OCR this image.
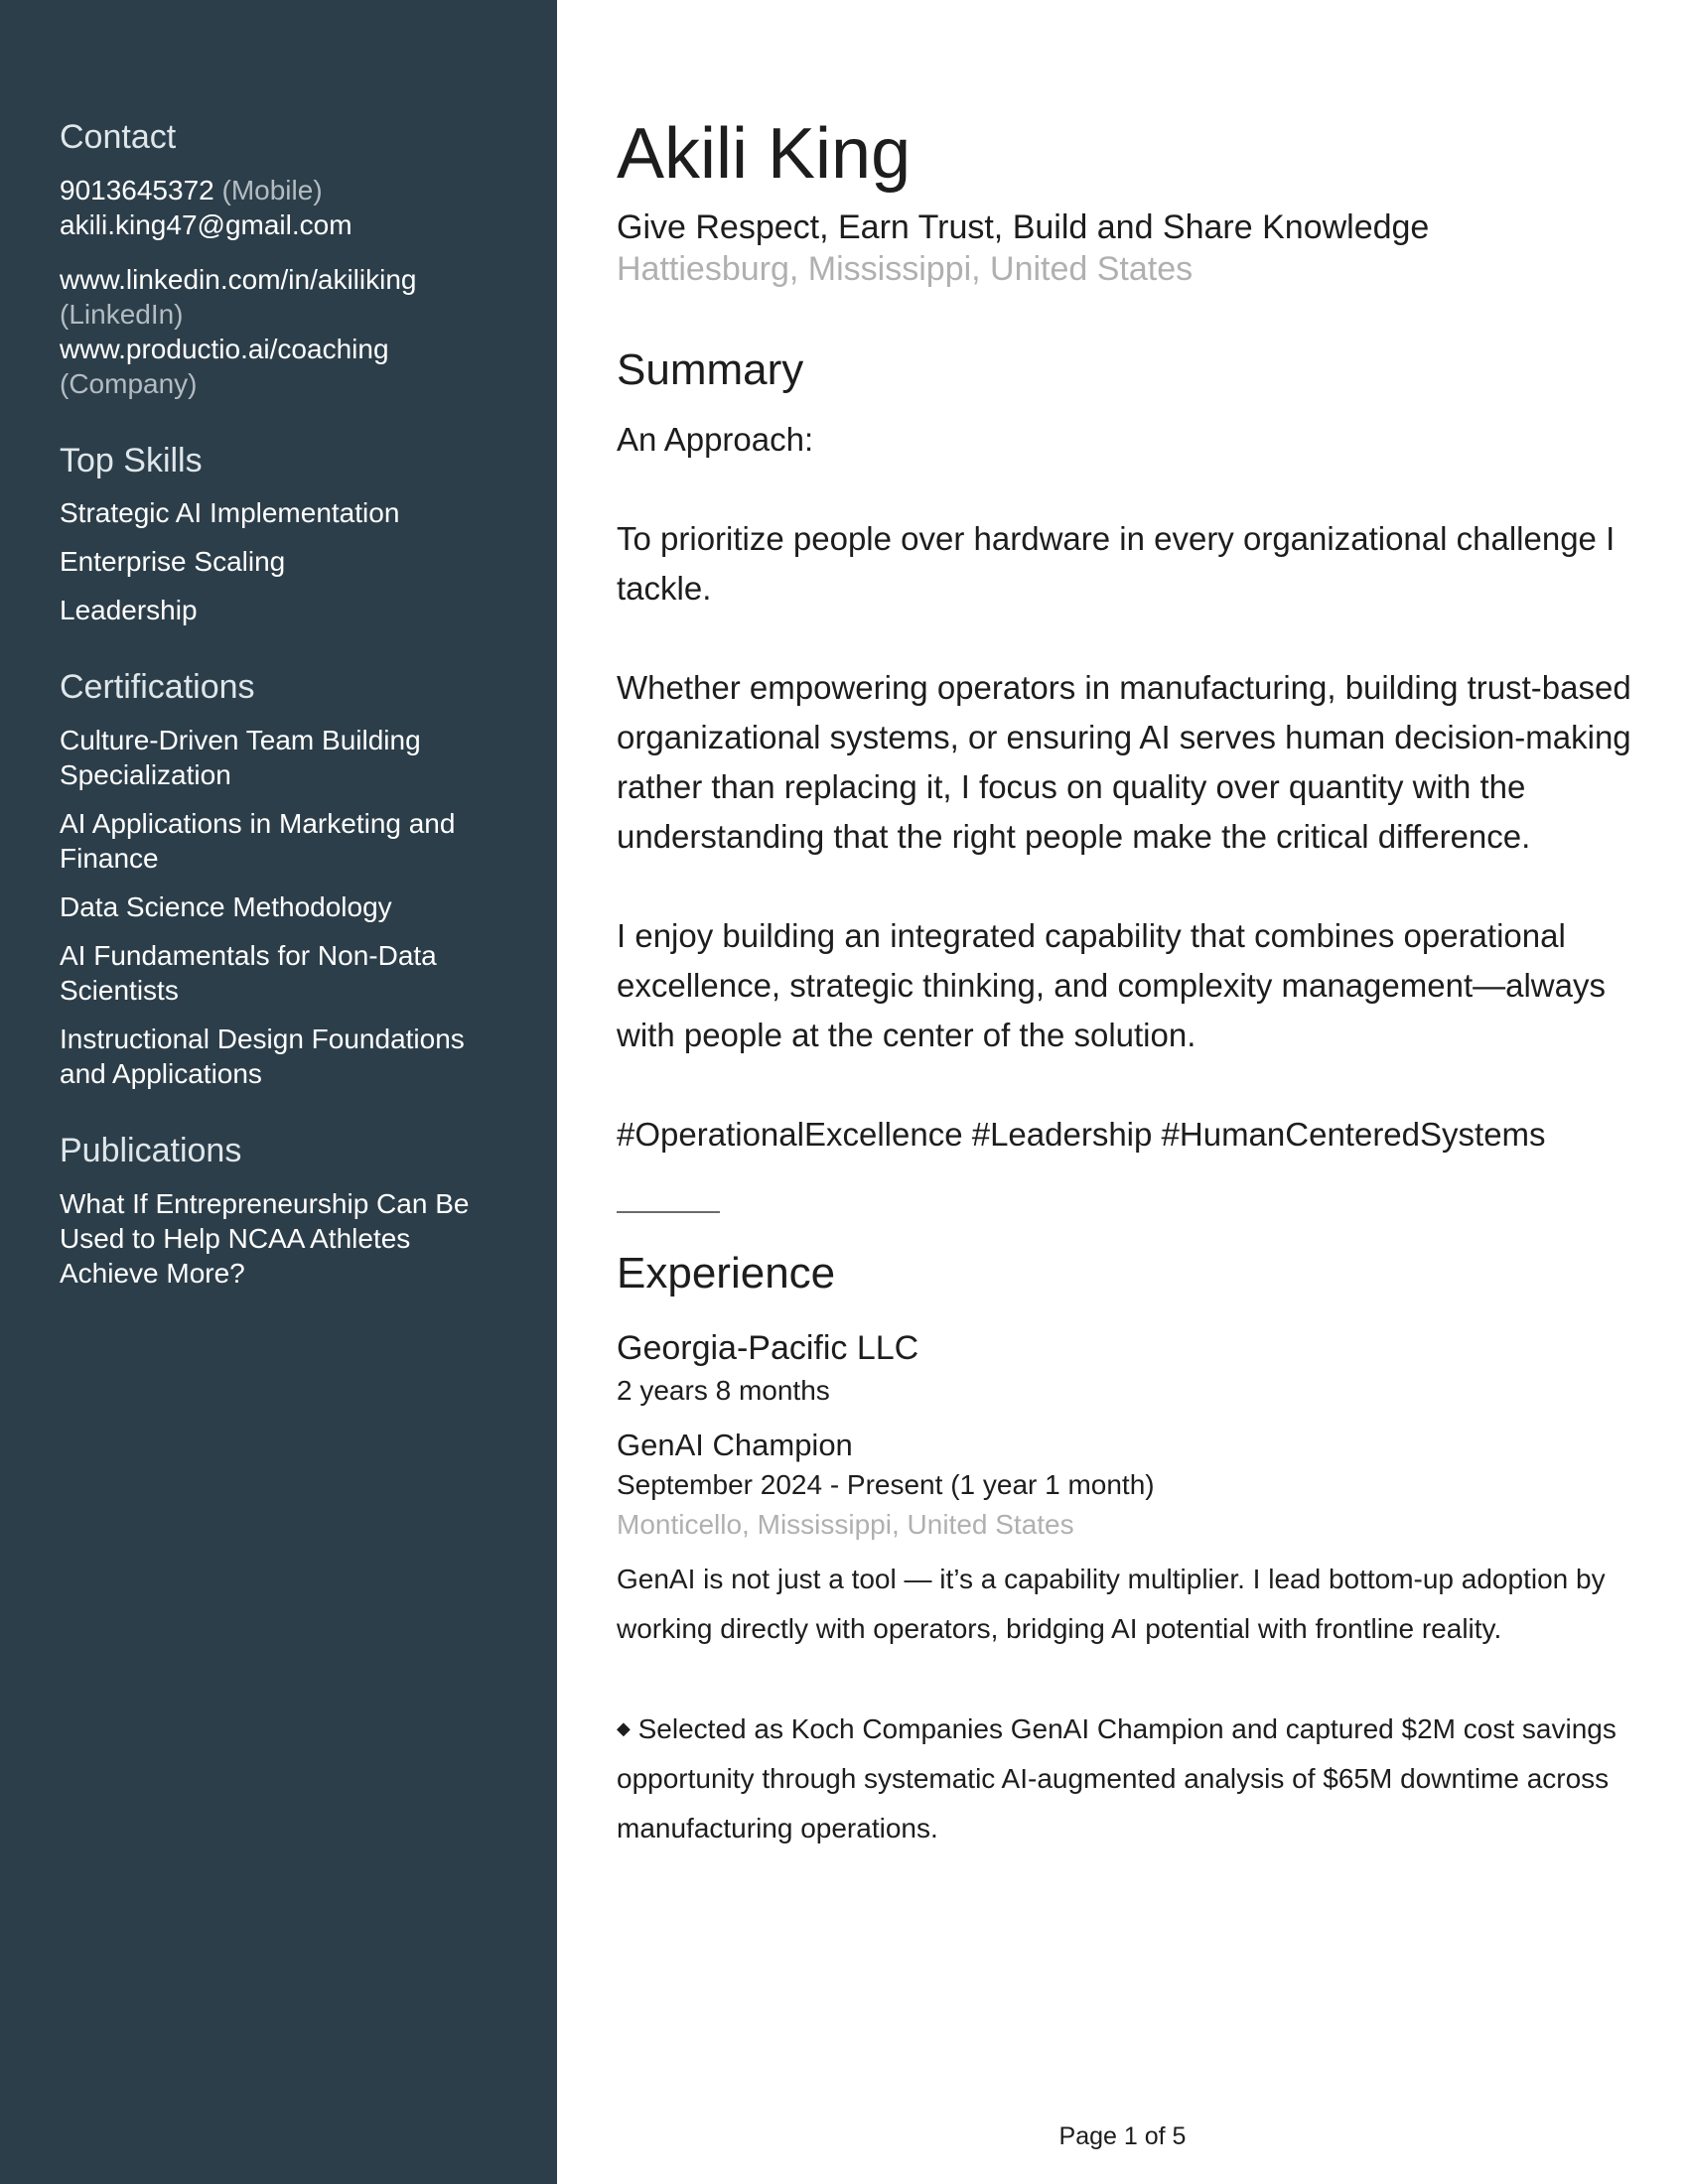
Contact
9013645372 (Mobile)
akili.king47@gmail.com
www.linkedin.com/in/akiliking
(LinkedIn)
www.productio.ai/coaching
(Company)
Top Skills
Strategic AI Implementation
Enterprise Scaling
Leadership
Certifications
Culture-Driven Team Building Specialization
AI Applications in Marketing and Finance
Data Science Methodology
AI Fundamentals for Non-Data Scientists
Instructional Design Foundations and Applications
Publications
What If Entrepreneurship Can Be Used to Help NCAA Athletes Achieve More?
Akili King
Give Respect, Earn Trust, Build and Share Knowledge
Hattiesburg, Mississippi, United States
Summary

An Approach:

To prioritize people over hardware in every organizational challenge I tackle.

Whether empowering operators in manufacturing, building trust-based organizational systems, or ensuring AI serves human decision-making rather than replacing it, I focus on quality over quantity with the understanding that the right people make the critical difference.

I enjoy building an integrated capability that combines operational excellence, strategic thinking, and complexity management—always with people at the center of the solution.

#OperationalExcellence #Leadership #HumanCenteredSystems

Experience
Georgia-Pacific LLC
2 years 8 months
GenAI Champion
September 2024 - Present (1 year 1 month)
Monticello, Mississippi, United States
GenAI is not just a tool — it’s a capability multiplier. I lead bottom-up adoption by working directly with operators, bridging AI potential with frontline reality.
◆ Selected as Koch Companies GenAI Champion and captured $2M cost savings opportunity through systematic AI-augmented analysis of $65M downtime across manufacturing operations.
Page 1 of 5
